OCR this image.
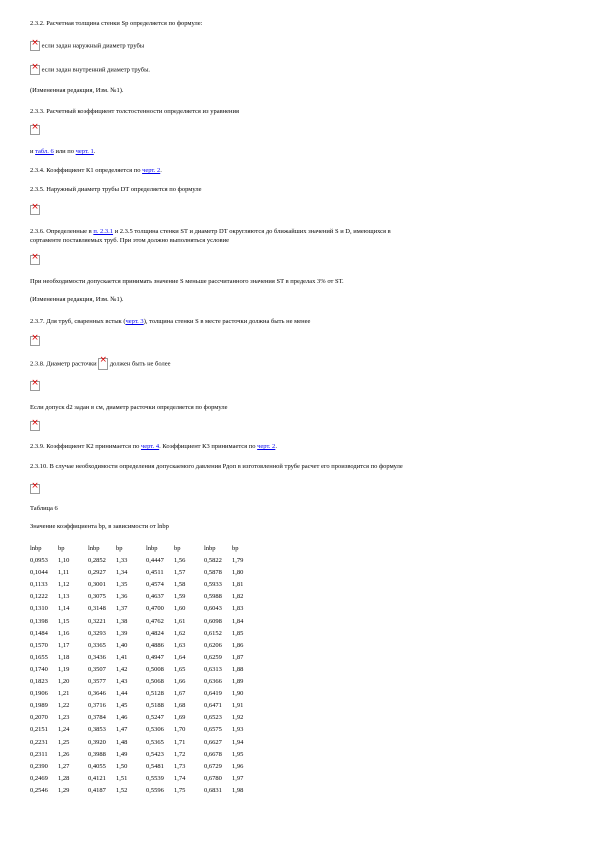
2.3.2. Расчетная толщина стенки Sp определяется по формуле:
× если задан наружный диаметр трубы
× если задан внутренний диаметр трубы.
(Измененная редакция, Изм. №1).
2.3.3. Расчетный коэффициент толстостенности определяется из уравнения
×
и табл. 6 или по черт. 1.
2.3.4. Коэффициент К1 определяется по черт. 2.
2.3.5. Наружный диаметр трубы DT определяется по формуле
×
2.3.6. Определенные в п. 2.3.1 и 2.3.5 толщина стенки ST и диаметр DT округляются до ближайших значений S и D, имеющихся в
сортаменте поставляемых труб. При этом должно выполняться условие
×
При необходимости допускается принимать значение S меньше рассчитанного значения ST в пределах 3% от ST.
(Измененная редакция, Изм. №1).
2.3.7. Для труб, сваренных встык (черт. 3), толщина стенки S в месте расточки должна быть не менее
×
2.3.8. Диаметр расточки × должен быть не более
×
Если допуск d2 задан в см, диаметр расточки определяется по формуле
×
2.3.9. Коэффициент К2 принимается по черт. 4. Коэффициент К3 принимается по черт. 2.
2.3.10. В случае необходимости определения допускаемого давления Рдоп в изготовленной трубе расчет его производится по формуле
×
Таблица 6
Значение коэффициента bp, в зависимости от lnbp
lnbp	bp	lnbp	bp	lnbp	bp	lnbp	bp
0,0953	1,10	0,2852	1,33	0,4447	1,56	0,5822	1,79
0,1044	1,11	0,2927	1,34	0,4511	1,57	0,5878	1,80
0,1133	1,12	0,3001	1,35	0,4574	1,58	0,5933	1,81
0,1222	1,13	0,3075	1,36	0,4637	1,59	0,5988	1,82
0,1310	1,14	0,3148	1,37	0,4700	1,60	0,6043	1,83
0,1398	1,15	0,3221	1,38	0,4762	1,61	0,6098	1,84
0,1484	1,16	0,3293	1,39	0,4824	1,62	0,6152	1,85
0,1570	1,17	0,3365	1,40	0,4886	1,63	0,6206	1,86
0,1655	1,18	0,3436	1,41	0,4947	1,64	0,6259	1,87
0,1740	1,19	0,3507	1,42	0,5008	1,65	0,6313	1,88
0,1823	1,20	0,3577	1,43	0,5068	1,66	0,6366	1,89
0,1906	1,21	0,3646	1,44	0,5128	1,67	0,6419	1,90
0,1989	1,22	0,3716	1,45	0,5188	1,68	0,6471	1,91
0,2070	1,23	0,3784	1,46	0,5247	1,69	0,6523	1,92
0,2151	1,24	0,3853	1,47	0,5306	1,70	0,6575	1,93
0,2231	1,25	0,3920	1,48	0,5365	1,71	0,6627	1,94
0,2311	1,26	0,3988	1,49	0,5423	1,72	0,6678	1,95
0,2390	1,27	0,4055	1,50	0,5481	1,73	0,6729	1,96
0,2469	1,28	0,4121	1,51	0,5539	1,74	0,6780	1,97
0,2546	1,29	0,4187	1,52	0,5596	1,75	0,6831	1,98
